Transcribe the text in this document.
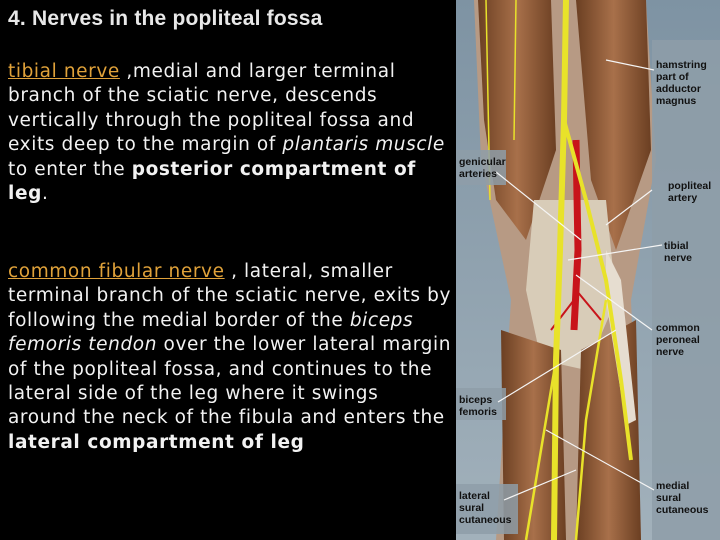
4. Nerves in the popliteal fossa
tibial nerve ,medial and larger terminal branch of the sciatic nerve, descends vertically through the popliteal fossa and exits deep to the margin of plantaris muscle to enter the posterior compartment of leg.
common fibular nerve , lateral, smaller terminal branch of the sciatic nerve, exits by following the medial border of the biceps femoris tendon over the lower lateral margin of the popliteal fossa, and continues to the lateral side of the leg where it swings around the neck of the fibula and enters the lateral compartment of leg
hamstring part of adductor magnus
genicular arteries
popliteal artery
tibial nerve
common peroneal nerve
biceps femoris
lateral sural cutaneous
medial sural cutaneous
